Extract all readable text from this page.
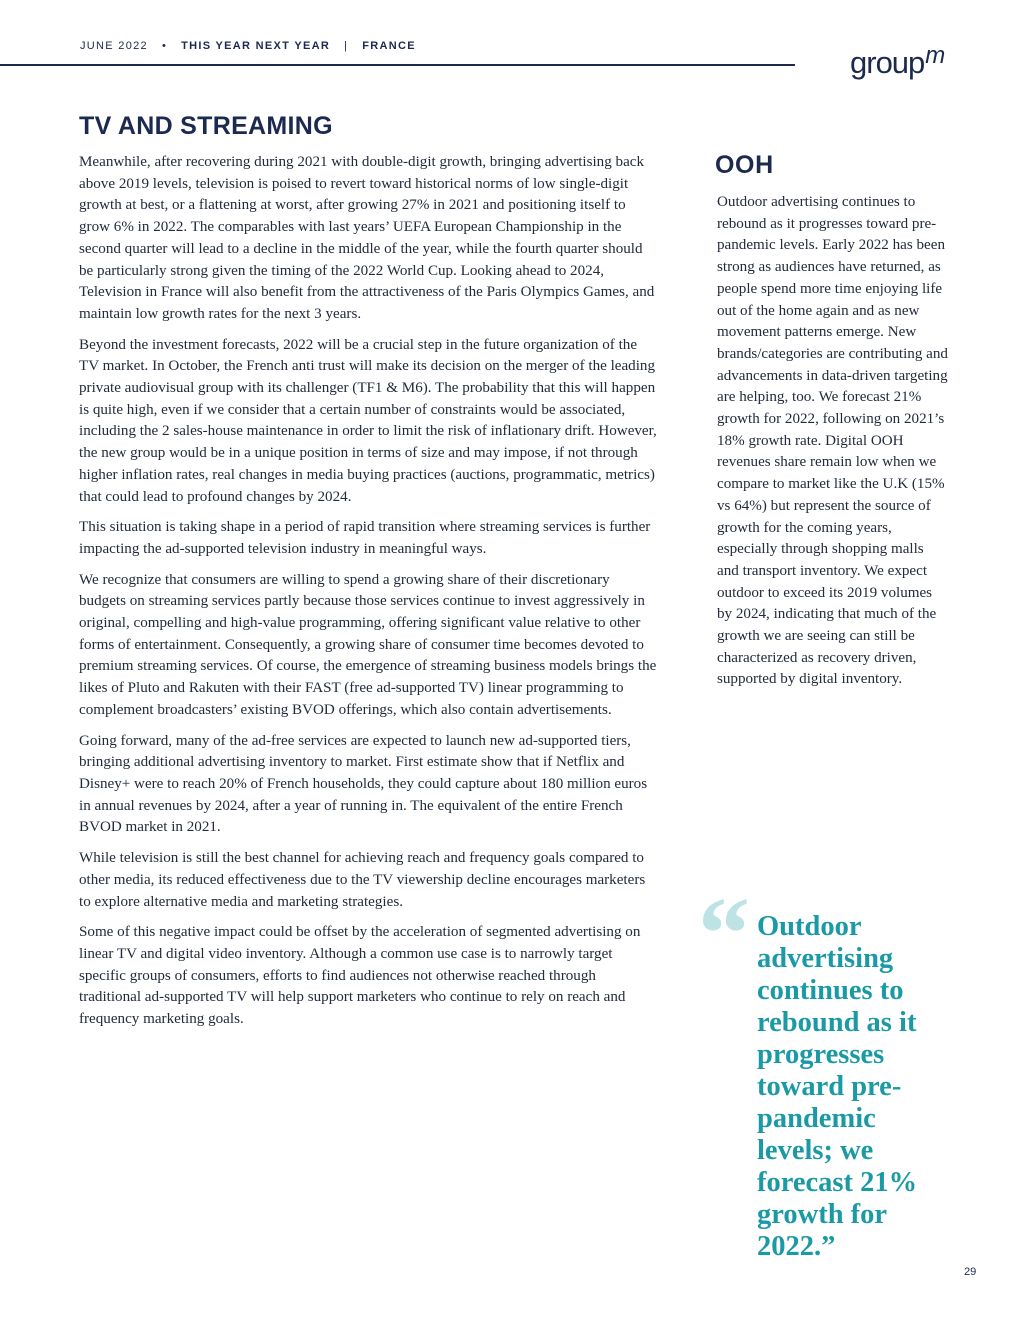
JUNE 2022 • THIS YEAR NEXT YEAR | FRANCE	group$^m$
TV AND STREAMING

Meanwhile, after recovering during 2021 with double-digit growth, bringing advertising back above 2019 levels, television is poised to revert toward historical norms of low single-digit growth at best, or a flattening at worst, after growing 27% in 2021 and positioning itself to grow 6% in 2022. The comparables with last years’ UEFA European Championship in the second quarter will lead to a decline in the middle of the year, while the fourth quarter should be particularly strong given the timing of the 2022 World Cup. Looking ahead to 2024, Television in France will also benefit from the attractiveness of the Paris Olympics Games, and maintain low growth rates for the next 3 years.

Beyond the investment forecasts, 2022 will be a crucial step in the future organization of the TV market. In October, the French anti trust will make its decision on the merger of the leading private audiovisual group with its challenger (TF1 & M6). The probability that this will happen is quite high, even if we consider that a certain number of constraints would be associated, including the 2 sales-house maintenance in order to limit the risk of inflationary drift. However, the new group would be in a unique position in terms of size and may impose, if not through higher inflation rates, real changes in media buying practices (auctions, programmatic, metrics) that could lead to profound changes by 2024.

This situation is taking shape in a period of rapid transition where streaming services is further impacting the ad-supported television industry in meaningful ways.

We recognize that consumers are willing to spend a growing share of their discretionary budgets on streaming services partly because those services continue to invest aggressively in original, compelling and high-value programming, offering significant value relative to other forms of entertainment. Consequently, a growing share of consumer time becomes devoted to premium streaming services. Of course, the emergence of streaming business models brings the likes of Pluto and Rakuten with their FAST (free ad-supported TV) linear programming to complement broadcasters’ existing BVOD offerings, which also contain advertisements.

Going forward, many of the ad-free services are expected to launch new ad-supported tiers, bringing additional advertising inventory to market. First estimate show that if Netflix and Disney+ were to reach 20% of French households, they could capture about 180 million euros in annual revenues by 2024, after a year of running in. The equivalent of the entire French BVOD market in 2021.

While television is still the best channel for achieving reach and frequency goals compared to other media, its reduced effectiveness due to the TV viewership decline encourages marketers to explore alternative media and marketing strategies.

Some of this negative impact could be offset by the acceleration of segmented advertising on linear TV and digital video inventory. Although a common use case is to narrowly target specific groups of consumers, efforts to find audiences not otherwise reached through traditional ad-supported TV will help support marketers who continue to rely on reach and frequency marketing goals.

OOH

Outdoor advertising continues to rebound as it progresses toward pre-pandemic levels. Early 2022 has been strong as audiences have returned, as people spend more time enjoying life out of the home again and as new movement patterns emerge. New brands/categories are contributing and advancements in data-driven targeting are helping, too. We forecast 21% growth for 2022, following on 2021’s 18% growth rate. Digital OOH revenues share remain low when we compare to market like the U.K (15% vs 64%) but represent the source of growth for the coming years, especially through shopping malls and transport inventory. We expect outdoor to exceed its 2019 volumes by 2024, indicating that much of the growth we are seeing can still be characterized as recovery driven, supported by digital inventory.

“ Outdoor advertising continues to rebound as it progresses toward pre-pandemic levels; we forecast 21% growth for 2022.”

29
